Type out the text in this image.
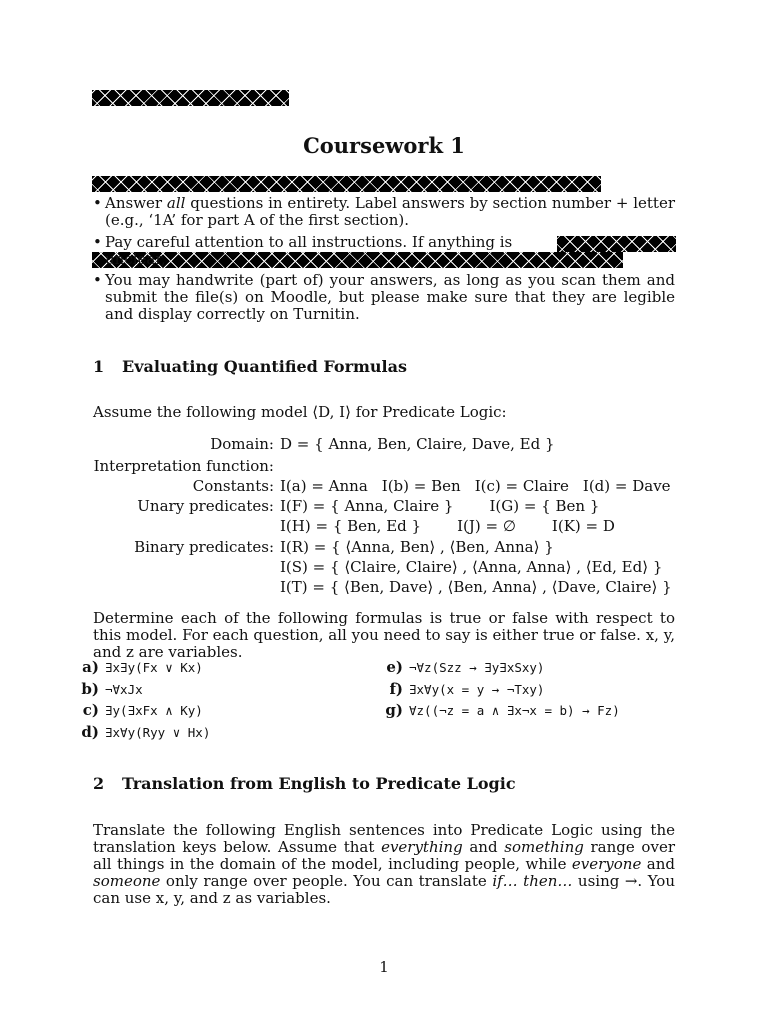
Coursework 1
• Answer all questions in entirety. Label answers by section number + letter (e.g., ‘1A’ for part A of the first section).
• Pay careful attention to all instructions. If anything is unclear,
• You may handwrite (part of) your answers, as long as you scan them and submit the file(s) on Moodle, but please make sure that they are legible and display correctly on Turnitin.
1 Evaluating Quantified Formulas
Assume the following model ⟨D, I⟩ for Predicate Logic:
Domain: D = { Anna, Ben, Claire, Dave, Ed }
Interpretation function:
Constants: I(a) = Anna I(b) = Ben I(c) = Claire I(d) = Dave
Unary predicates: I(F) = { Anna, Claire } I(G) = { Ben }
I(H) = { Ben, Ed } I(J) = ∅ I(K) = D
Binary predicates: I(R) = { ⟨Anna, Ben⟩ , ⟨Ben, Anna⟩ }
I(S) = { ⟨Claire, Claire⟩ , ⟨Anna, Anna⟩ , ⟨Ed, Ed⟩ }
I(T) = { ⟨Ben, Dave⟩ , ⟨Ben, Anna⟩ , ⟨Dave, Claire⟩ }
Determine each of the following formulas is true or false with respect to this model. For each question, all you need to say is either true or false. x, y, and z are variables.
a) ∃x∃y(Fx ∨ Kx)
b) ¬∀xJx
c) ∃y(∃xFx ∧ Ky)
d) ∃x∀y(Ryy ∨ Hx)
e) ¬∀z(Szz → ∃y∃xSxy)
f) ∃x∀y(x = y → ¬Txy)
g) ∀z((¬z = a ∧ ∃x¬x = b) → Fz)
2 Translation from English to Predicate Logic
Translate the following English sentences into Predicate Logic using the translation keys below. Assume that everything and something range over all things in the domain of the model, including people, while everyone and someone only range over people. You can translate if… then… using →. You can use x, y, and z as variables.
1
